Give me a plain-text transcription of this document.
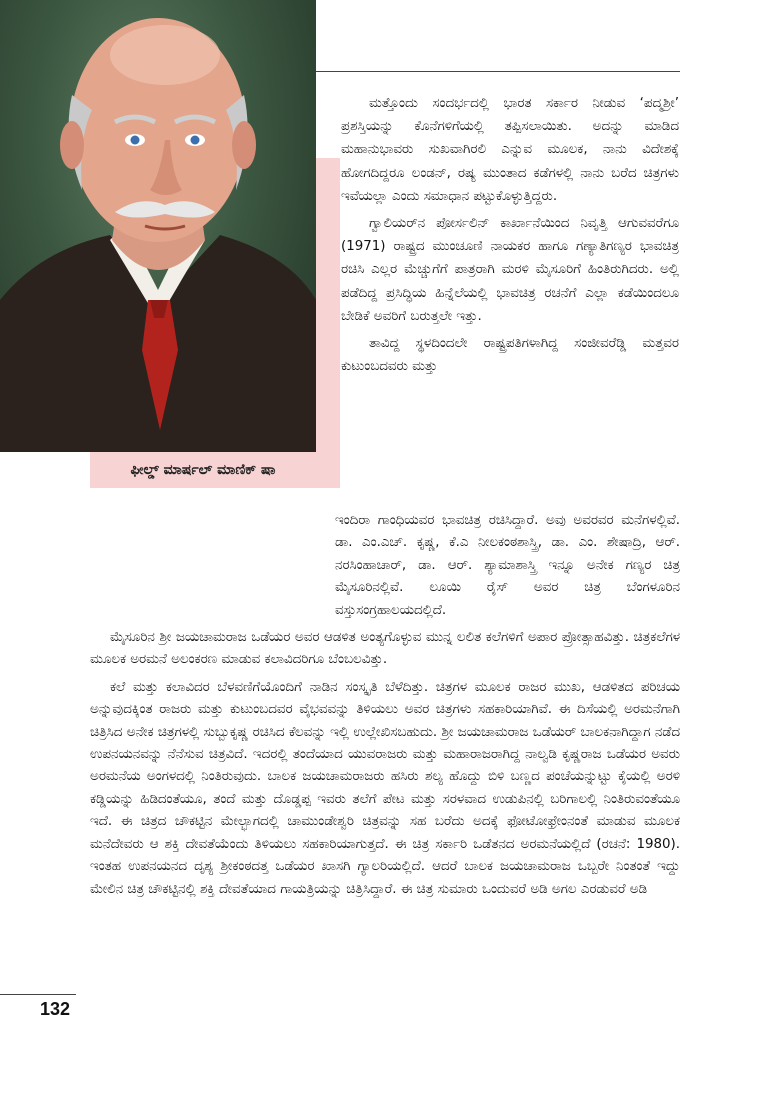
ಫೀಲ್ಡ್ ಮಾರ್ಷಲ್ ಮಾಣಿಕ್ ಷಾ

ಮತ್ತೊಂದು ಸಂದರ್ಭದಲ್ಲಿ ಭಾರತ ಸರ್ಕಾರ ನೀಡುವ ‘ಪದ್ಮಶ್ರೀ’ ಪ್ರಶಸ್ತಿಯನ್ನು ಕೊನೆಗಳಿಗೆಯಲ್ಲಿ ತಪ್ಪಿಸಲಾಯಿತು. ಅದನ್ನು ಮಾಡಿದ ಮಹಾನುಭಾವರು ಸುಖವಾಗಿರಲಿ ಎನ್ನುವ ಮೂಲಕ, ನಾನು ವಿದೇಶಕ್ಕೆ ಹೋಗದಿದ್ದರೂ ಲಂಡನ್, ರಷ್ಯ ಮುಂತಾದ ಕಡೆಗಳಲ್ಲಿ ನಾನು ಬರೆದ ಚಿತ್ರಗಳು ಇವೆಯಲ್ಲಾ ಎಂದು ಸಮಾಧಾನ ಪಟ್ಟುಕೊಳ್ಳುತ್ತಿದ್ದರು.

ಗ್ವಾಲಿಯರ್‌ನ ಪೋರ್ಸಲಿನ್ ಕಾರ್ಖಾನೆಯಿಂದ ನಿವೃತ್ತಿ ಆಗುವವರೆಗೂ (1971) ರಾಷ್ಟ್ರದ ಮುಂಚೂಣಿ ನಾಯಕರ ಹಾಗೂ ಗಣ್ಯಾತಿಗಣ್ಯರ ಭಾವಚಿತ್ರ ರಚಿಸಿ ಎಲ್ಲರ ಮೆಚ್ಚುಗೆಗೆ ಪಾತ್ರರಾಗಿ ಮರಳಿ ಮೈಸೂರಿಗೆ ಹಿಂತಿರುಗಿದರು. ಅಲ್ಲಿ ಪಡೆದಿದ್ದ ಪ್ರಸಿದ್ಧಿಯ ಹಿನ್ನೆಲೆಯಲ್ಲಿ ಭಾವಚಿತ್ರ ರಚನೆಗೆ ಎಲ್ಲಾ ಕಡೆಯಿಂದಲೂ ಬೇಡಿಕೆ ಅವರಿಗೆ ಬರುತ್ತಲೇ ಇತ್ತು.

ತಾವಿದ್ದ ಸ್ಥಳದಿಂದಲೇ ರಾಷ್ಟ್ರಪತಿಗಳಾಗಿದ್ದ ಸಂಜೀವರೆಡ್ಡಿ ಮತ್ತವರ ಕುಟುಂಬದವರು ಮತ್ತು

ಇಂದಿರಾ ಗಾಂಧಿಯವರ ಭಾವಚಿತ್ರ ರಚಿಸಿದ್ದಾರೆ. ಅವು ಅವರವರ ಮನೆಗಳಲ್ಲಿವೆ. ಡಾ. ಎಂ.ಎಚ್. ಕೃಷ್ಣ, ಕೆ.ಎ ನೀಲಕಂಠಶಾಸ್ತ್ರಿ, ಡಾ. ಎಂ. ಶೇಷಾದ್ರಿ, ಆರ್. ನರಸಿಂಹಾಚಾರ್, ಡಾ. ಆರ್. ಶ್ಯಾಮಾಶಾಸ್ತ್ರಿ ಇನ್ನೂ ಅನೇಕ ಗಣ್ಯರ ಚಿತ್ರ ಮೈಸೂರಿನಲ್ಲಿವೆ. ಲೂಯಿ ರೈಸ್ ಅವರ ಚಿತ್ರ ಬೆಂಗಳೂರಿನ ವಸ್ತುಸಂಗ್ರಹಾಲಯದಲ್ಲಿದೆ.

ಮೈಸೂರಿನ ಶ್ರೀ ಜಯಚಾಮರಾಜ ಒಡೆಯರ ಅವರ ಆಡಳಿತ ಅಂತ್ಯಗೊಳ್ಳುವ ಮುನ್ನ ಲಲಿತ ಕಲೆಗಳಿಗೆ ಅಪಾರ ಪ್ರೋತ್ಸಾಹವಿತ್ತು. ಚಿತ್ರಕಲೆಗಳ ಮೂಲಕ ಅರಮನೆ ಅಲಂಕರಣ ಮಾಡುವ ಕಲಾವಿದರಿಗೂ ಬೆಂಬಲವಿತ್ತು.

ಕಲೆ ಮತ್ತು ಕಲಾವಿದರ ಬೆಳವಣಿಗೆಯೊಂದಿಗೆ ನಾಡಿನ ಸಂಸ್ಕೃತಿ ಬೆಳೆದಿತ್ತು. ಚಿತ್ರಗಳ ಮೂಲಕ ರಾಜರ ಮುಖ, ಆಡಳಿತದ ಪರಿಚಯ ಅನ್ನುವುದಕ್ಕಿಂತ ರಾಜರು ಮತ್ತು ಕುಟುಂಬದವರ ವೈಭವವನ್ನು ತಿಳಿಯಲು ಅವರ ಚಿತ್ರಗಳು ಸಹಕಾರಿಯಾಗಿವೆ. ಈ ದಿಸೆಯಲ್ಲಿ ಅರಮನೆಗಾಗಿ ಚಿತ್ರಿಸಿದ ಅನೇಕ ಚಿತ್ರಗಳಲ್ಲಿ ಸುಬ್ಬುಕೃಷ್ಣ ರಚಿಸಿದ ಕೆಲವನ್ನು ಇಲ್ಲಿ ಉಲ್ಲೇಖಿಸಬಹುದು. ಶ್ರೀ ಜಯಚಾಮರಾಜ ಒಡೆಯರ್ ಬಾಲಕನಾಗಿದ್ದಾಗ ನಡೆದ ಉಪನಯನವನ್ನು ನೆನೆಸುವ ಚಿತ್ರವಿದೆ. ಇದರಲ್ಲಿ ತಂದೆಯಾದ ಯುವರಾಜರು ಮತ್ತು ಮಹಾರಾಜರಾಗಿದ್ದ ನಾಲ್ವಡಿ ಕೃಷ್ಣರಾಜ ಒಡೆಯರ ಅವರು ಅರಮನೆಯ ಅಂಗಳದಲ್ಲಿ ನಿಂತಿರುವುದು. ಬಾಲಕ ಜಯಚಾಮರಾಜರು ಹಸಿರು ಶಲ್ಯ ಹೊದ್ದು ಬಿಳಿ ಬಣ್ಣದ ಪಂಚೆಯನ್ನುಟ್ಟು ಕೈಯಲ್ಲಿ ಅರಳಿ ಕಡ್ಡಿಯನ್ನು ಹಿಡಿದಂತೆಯೂ, ತಂದೆ ಮತ್ತು ದೊಡ್ಡಪ್ಪ ಇವರು ತಲೆಗೆ ಪೇಟ ಮತ್ತು ಸರಳವಾದ ಉಡುಪಿನಲ್ಲಿ ಬರಿಗಾಲಲ್ಲಿ ನಿಂತಿರುವಂತೆಯೂ ಇದೆ. ಈ ಚಿತ್ರದ ಚೌಕಟ್ಟಿನ ಮೇಲ್ಭಾಗದಲ್ಲಿ ಚಾಮುಂಡೇಶ್ವರಿ ಚಿತ್ರವನ್ನು ಸಹ ಬರೆದು ಅದಕ್ಕೆ ಫೋಟೋಫ್ರೇಂನಂತೆ ಮಾಡುವ ಮೂಲಕ ಮನೆದೇವರು ಆ ಶಕ್ತಿ ದೇವತೆಯೆಂದು ತಿಳಿಯಲು ಸಹಕಾರಿಯಾಗುತ್ತದೆ. ಈ ಚಿತ್ರ ಸರ್ಕಾರಿ ಒಡೆತನದ ಅರಮನೆಯಲ್ಲಿದೆ (ರಚನೆ: 1980). ಇಂತಹ ಉಪನಯನದ ದೃಶ್ಯ ಶ್ರೀಕಂಠದತ್ತ ಒಡೆಯರ ಖಾಸಗಿ ಗ್ಯಾಲರಿಯಲ್ಲಿದೆ. ಆದರೆ ಬಾಲಕ ಜಯಚಾಮರಾಜ ಒಬ್ಬರೇ ನಿಂತಂತೆ ಇದ್ದು ಮೇಲಿನ ಚಿತ್ರ ಚೌಕಟ್ಟಿನಲ್ಲಿ ಶಕ್ತಿ ದೇವತೆಯಾದ ಗಾಯತ್ರಿಯನ್ನು ಚಿತ್ರಿಸಿದ್ದಾರೆ. ಈ ಚಿತ್ರ ಸುಮಾರು ಒಂದುವರೆ ಅಡಿ ಅಗಲ ಎರಡುವರೆ ಅಡಿ

132
